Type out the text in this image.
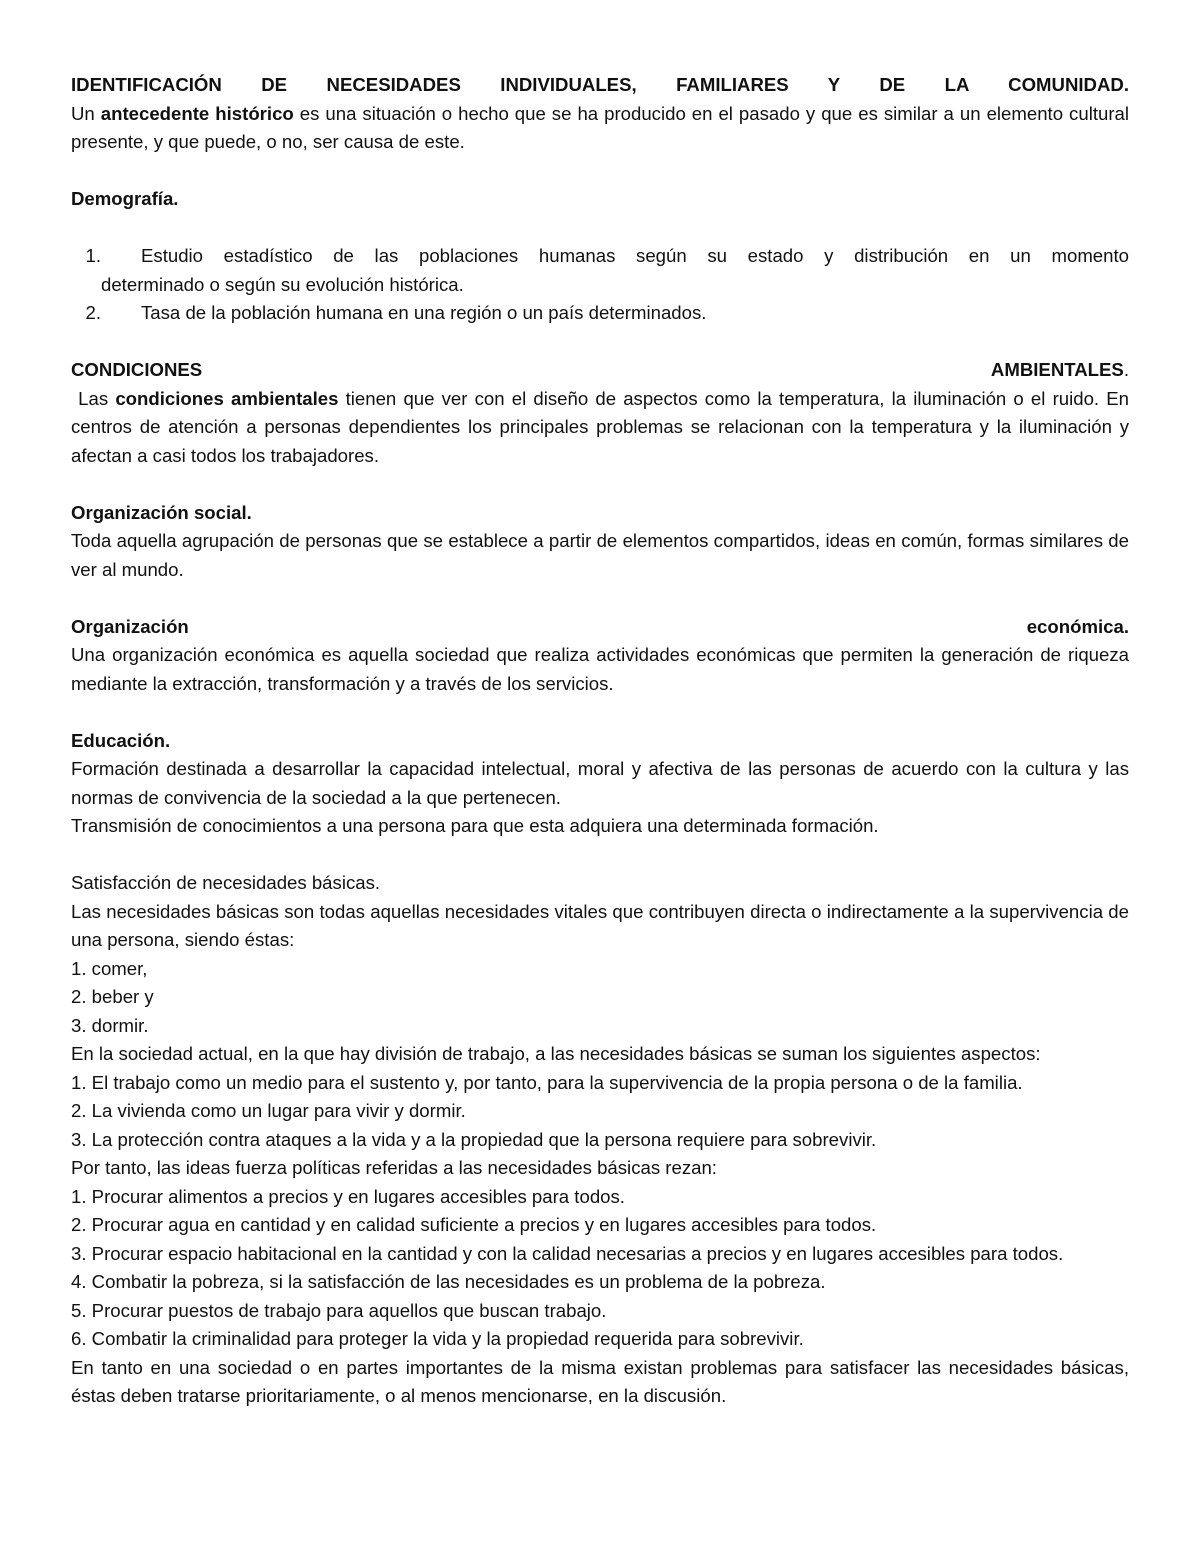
IDENTIFICACIÓN DE NECESIDADES INDIVIDUALES, FAMILIARES Y DE LA COMUNIDAD.

Un antecedente histórico es una situación o hecho que se ha producido en el pasado y que es similar a un elemento cultural presente, y que puede, o no, ser causa de este.

Demografía.

1.	Estudio estadístico de las poblaciones humanas según su estado y distribución en un momento

determinado o según su evolución histórica.

2.	Tasa de la población humana en una región o un país determinados.
CONDICIONES	AMBIENTALES.

Las condiciones ambientales tienen que ver con el diseño de aspectos como la temperatura, la iluminación o el ruido. En centros de atención a personas dependientes los principales problemas se relacionan con la temperatura y la iluminación y afectan a casi todos los trabajadores.

Organización social.

Toda aquella agrupación de personas que se establece a partir de elementos compartidos, ideas en común, formas similares de ver al mundo.

Organización	económica.

Una organización económica es aquella sociedad que realiza actividades económicas que permiten la generación de riqueza mediante la extracción, transformación y a través de los servicios.

Educación.

Formación destinada a desarrollar la capacidad intelectual, moral y afectiva de las personas de acuerdo con la cultura y las normas de convivencia de la sociedad a la que pertenecen.

Transmisión de conocimientos a una persona para que esta adquiera una determinada formación.

Satisfacción de necesidades básicas.

Las necesidades básicas son todas aquellas necesidades vitales que contribuyen directa o indirectamente a la supervivencia de una persona, siendo éstas:

1. comer,

2. beber y

3. dormir.

En la sociedad actual, en la que hay división de trabajo, a las necesidades básicas se suman los siguientes aspectos:

1. El trabajo como un medio para el sustento y, por tanto, para la supervivencia de la propia persona o de la familia.

2. La vivienda como un lugar para vivir y dormir.

3. La protección contra ataques a la vida y a la propiedad que la persona requiere para sobrevivir.

Por tanto, las ideas fuerza políticas referidas a las necesidades básicas rezan:

1. Procurar alimentos a precios y en lugares accesibles para todos.

2. Procurar agua en cantidad y en calidad suficiente a precios y en lugares accesibles para todos.

3. Procurar espacio habitacional en la cantidad y con la calidad necesarias a precios y en lugares accesibles para todos.

4. Combatir la pobreza, si la satisfacción de las necesidades es un problema de la pobreza.

5. Procurar puestos de trabajo para aquellos que buscan trabajo.

6. Combatir la criminalidad para proteger la vida y la propiedad requerida para sobrevivir.

En tanto en una sociedad o en partes importantes de la misma existan problemas para satisfacer las necesidades básicas, éstas deben tratarse prioritariamente, o al menos mencionarse, en la discusión.
